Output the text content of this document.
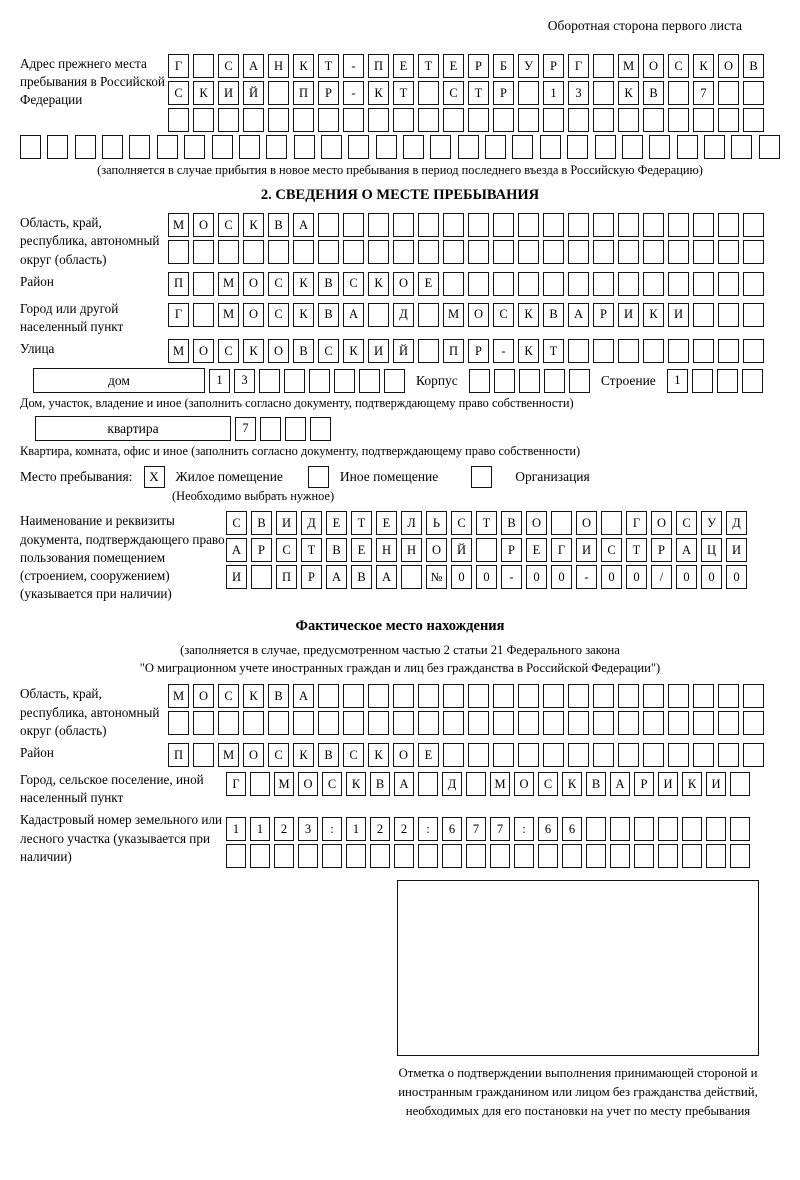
Оборотная сторона первого листа
Адрес прежнего места пребывания в Российской Федерации
Г	С	А	Н	К	Т	-	П	Е	Т	Е	Р	Б	У	Р	Г	М	О	С	К	О	В
С	К	И	Й	П	Р	-	К	Т	С	Т	Р	1	3	К	В	7
(заполняется в случае прибытия в новое место пребывания в период последнего въезда в Российскую Федерацию)
2. СВЕДЕНИЯ О МЕСТЕ ПРЕБЫВАНИЯ
Область, край, республика, автономный округ (область)
М	О	С	К	В	А
Район	П	М	О	С	К	В	С	К	О	Е
Город или другой населенный пункт
Г	М	О	С	К	В	А	Д	М	О	С	К	В	А	Р	И	К	И
Улица	М	О	С	К	О	В	С	К	И	Й	П	Р	-	К	Т
дом	1	3	Корпус	Строение	1
Дом, участок, владение и иное (заполнить согласно документу, подтверждающему право собственности)
квартира	7
Квартира, комната, офис и иное (заполнить согласно документу, подтверждающему право собственности)
Место пребывания:	X	Жилое помещение	Иное помещение	Организация
(Необходимо выбрать нужное)
Наименование и реквизиты документа, подтверждающего право пользования помещением (строением, сооружением) (указывается при наличии)
С	В	И	Д	Е	Т	Е	Л	Ь	С	Т	В	О	О	Г	О	С	У	Д
А	Р	С	Т	В	Е	Н	Н	О	Й	Р	Е	Г	И	С	Т	Р	А	Ц	И
И	П	Р	А	В	А	№	0	0	-	0	0	-	0	0	/	0	0	0
Фактическое место нахождения
(заполняется в случае, предусмотренном частью 2 статьи 21 Федерального закона
"О миграционном учете иностранных граждан и лиц без гражданства в Российской Федерации")
Область, край, республика, автономный округ (область)
М	О	С	К	В	А
Район	П	М	О	С	К	В	С	К	О	Е
Город, сельское поселение, иной населенный пункт
Г	М	О	С	К	В	А	Д	М	О	С	К	В	А	Р	И	К	И
Кадастровый номер земельного или лесного участка (указывается при наличии)
1	1	2	3	:	1	2	2	:	6	7	7	:	6	6
Отметка о подтверждении выполнения принимающей стороной и иностранным гражданином или лицом без гражданства действий, необходимых для его постановки на учет по месту пребывания
